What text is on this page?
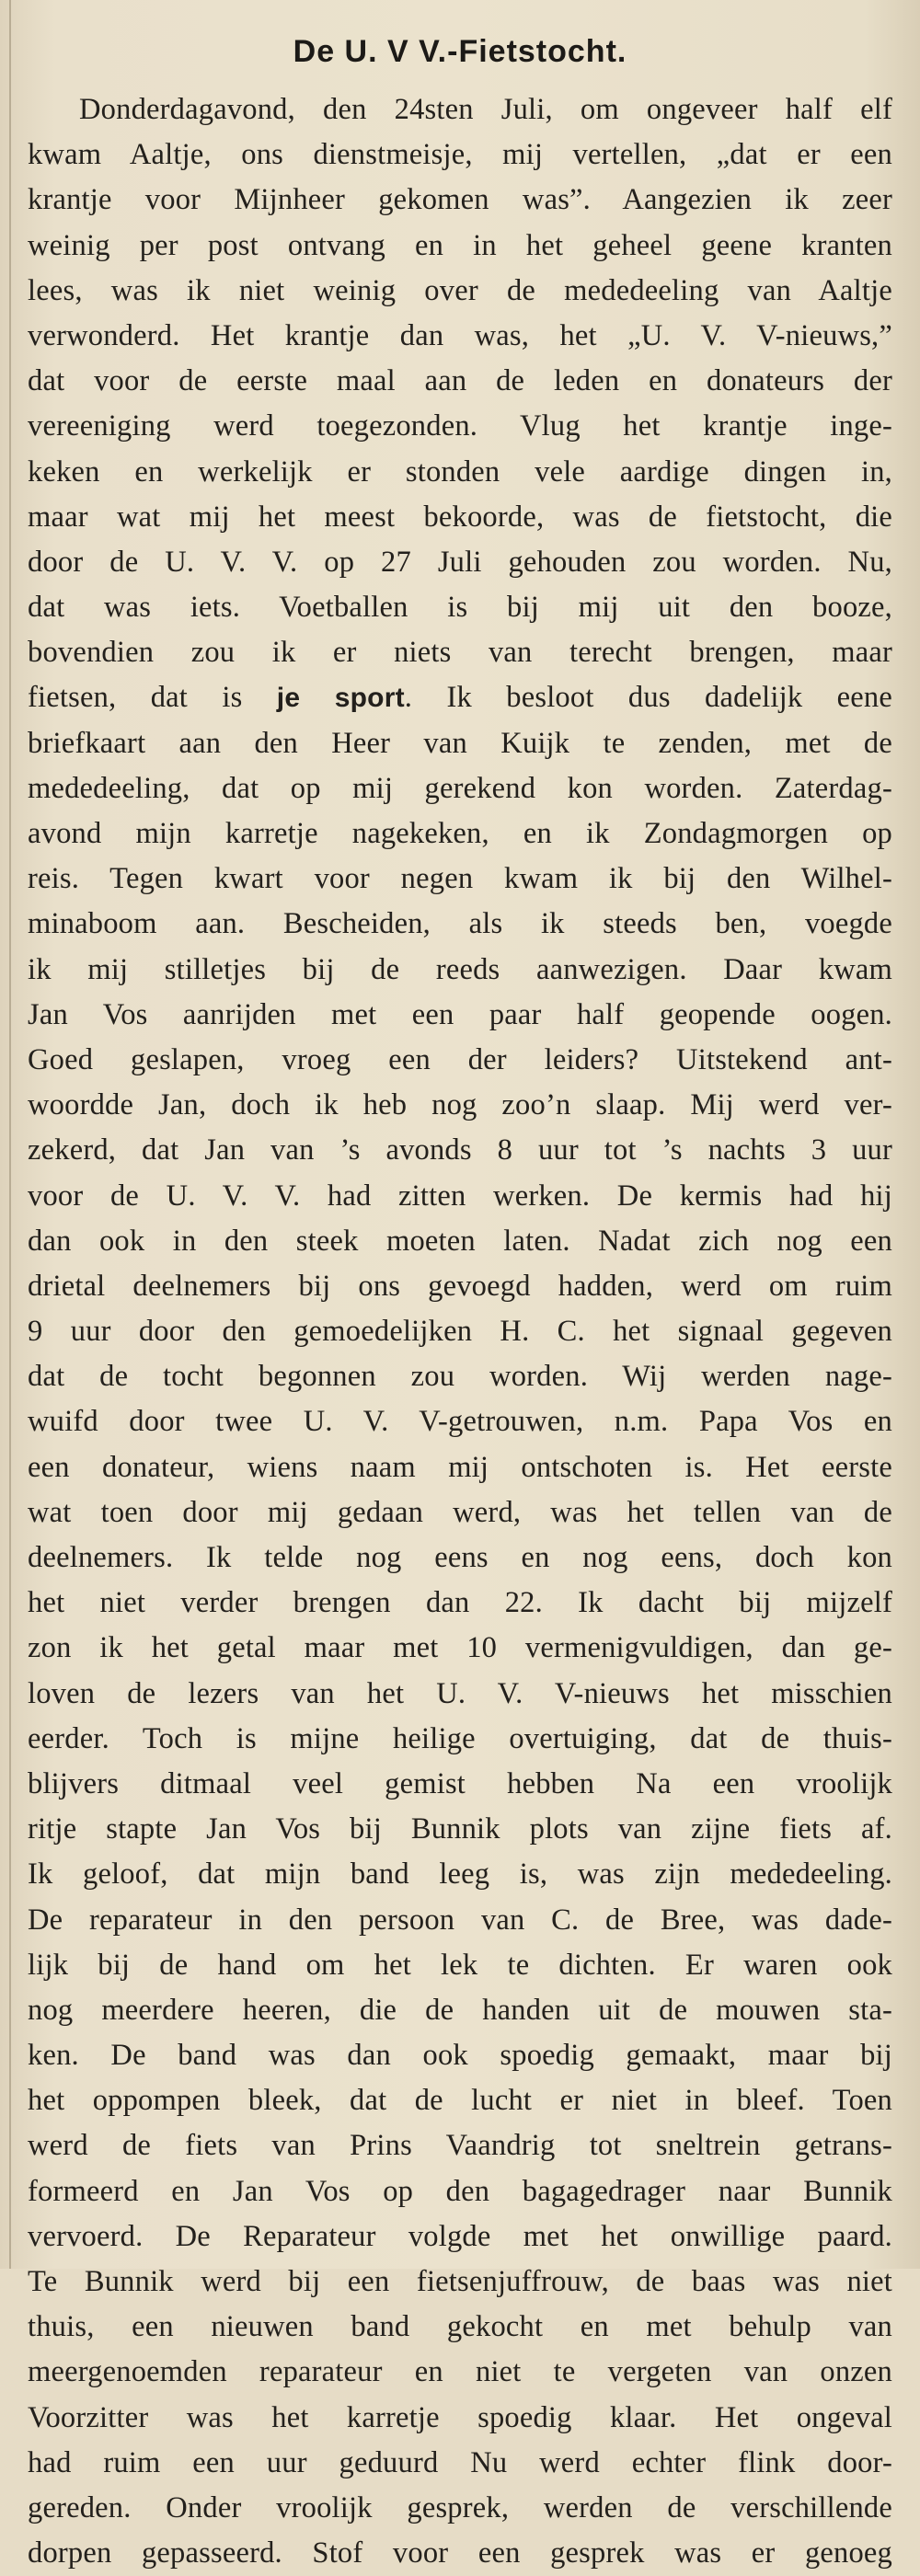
De U. V V.-Fietstocht.
Donderdagavond, den 24sten Juli, om ongeveer half elf
kwam Aaltje, ons dienstmeisje, mij vertellen, „dat er een
krantje voor Mijnheer gekomen was”. Aangezien ik zeer
weinig per post ontvang en in het geheel geene kranten
lees, was ik niet weinig over de mededeeling van Aaltje
verwonderd. Het krantje dan was, het „U. V. V-nieuws,”
dat voor de eerste maal aan de leden en donateurs der
vereeniging werd toegezonden. Vlug het krantje inge-
keken en werkelijk er stonden vele aardige dingen in,
maar wat mij het meest bekoorde, was de fietstocht, die
door de U. V. V. op 27 Juli gehouden zou worden. Nu,
dat was iets. Voetballen is bij mij uit den booze,
bovendien zou ik er niets van terecht brengen, maar
fietsen, dat is je sport. Ik besloot dus dadelijk eene
briefkaart aan den Heer van Kuijk te zenden, met de
mededeeling, dat op mij gerekend kon worden. Zaterdag-
avond mijn karretje nagekeken, en ik Zondagmorgen op
reis. Tegen kwart voor negen kwam ik bij den Wilhel-
minaboom aan. Bescheiden, als ik steeds ben, voegde
ik mij stilletjes bij de reeds aanwezigen. Daar kwam
Jan Vos aanrijden met een paar half geopende oogen.
Goed geslapen, vroeg een der leiders? Uitstekend ant-
woordde Jan, doch ik heb nog zoo’n slaap. Mij werd ver-
zekerd, dat Jan van ’s avonds 8 uur tot ’s nachts 3 uur
voor de U. V. V. had zitten werken. De kermis had hij
dan ook in den steek moeten laten. Nadat zich nog een
drietal deelnemers bij ons gevoegd hadden, werd om ruim
9 uur door den gemoedelijken H. C. het signaal gegeven
dat de tocht begonnen zou worden. Wij werden nage-
wuifd door twee U. V. V-getrouwen, n.m. Papa Vos en
een donateur, wiens naam mij ontschoten is. Het eerste
wat toen door mij gedaan werd, was het tellen van de
deelnemers. Ik telde nog eens en nog eens, doch kon
het niet verder brengen dan 22. Ik dacht bij mijzelf
zon ik het getal maar met 10 vermenigvuldigen, dan ge-
loven de lezers van het U. V. V-nieuws het misschien
eerder. Toch is mijne heilige overtuiging, dat de thuis-
blijvers ditmaal veel gemist hebben Na een vroolijk
ritje stapte Jan Vos bij Bunnik plots van zijne fiets af.
Ik geloof, dat mijn band leeg is, was zijn mededeeling.
De reparateur in den persoon van C. de Bree, was dade-
lijk bij de hand om het lek te dichten. Er waren ook
nog meerdere heeren, die de handen uit de mouwen sta-
ken. De band was dan ook spoedig gemaakt, maar bij
het oppompen bleek, dat de lucht er niet in bleef. Toen
werd de fiets van Prins Vaandrig tot sneltrein getrans-
formeerd en Jan Vos op den bagagedrager naar Bunnik
vervoerd. De Reparateur volgde met het onwillige paard.
Te Bunnik werd bij een fietsenjuffrouw, de baas was niet
thuis, een nieuwen band gekocht en met behulp van
meergenoemden reparateur en niet te vergeten van onzen
Voorzitter was het karretje spoedig klaar. Het ongeval
had ruim een uur geduurd Nu werd echter flink door-
gereden. Onder vroolijk gesprek, werden de verschillende
dorpen gepasseerd. Stof voor een gesprek was er genoeg
